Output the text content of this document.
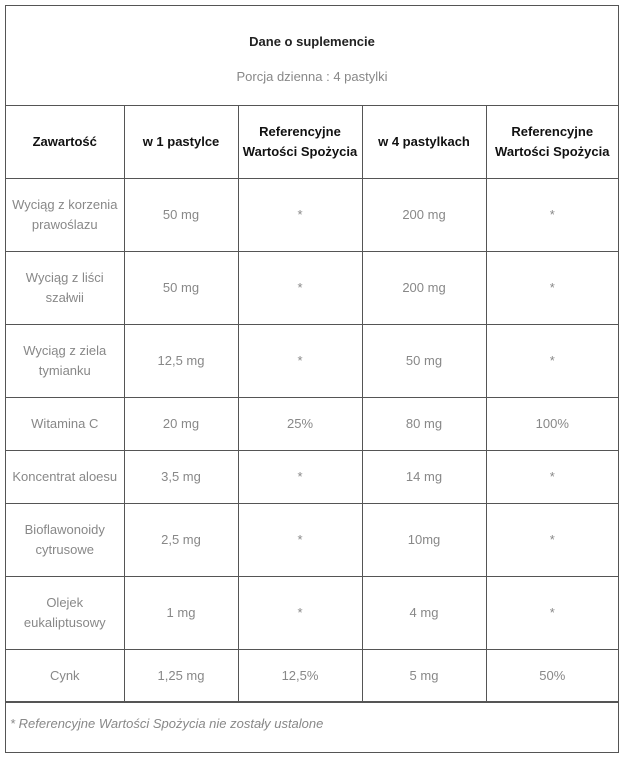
Dane o suplemencie
Porcja dzienna : 4 pastylki
Zawartość	w 1 pastylce	Referencyjne Wartości Spożycia	w 4 pastylkach	Referencyjne Wartości Spożycia
Wyciąg z korzenia prawoślazu	50 mg	*	200 mg	*
Wyciąg z liści szałwii	50 mg	*	200 mg	*
Wyciąg z ziela tymianku	12,5 mg	*	50 mg	*
Witamina C	20 mg	25%	80 mg	100%
Koncentrat aloesu	3,5 mg	*	14 mg	*
Bioflawonoidy cytrusowe	2,5 mg	*	10mg	*
Olejek eukaliptusowy	1 mg	*	4 mg	*
Cynk	1,25 mg	12,5%	5 mg	50%
* Referencyjne Wartości Spożycia nie zostały ustalone
